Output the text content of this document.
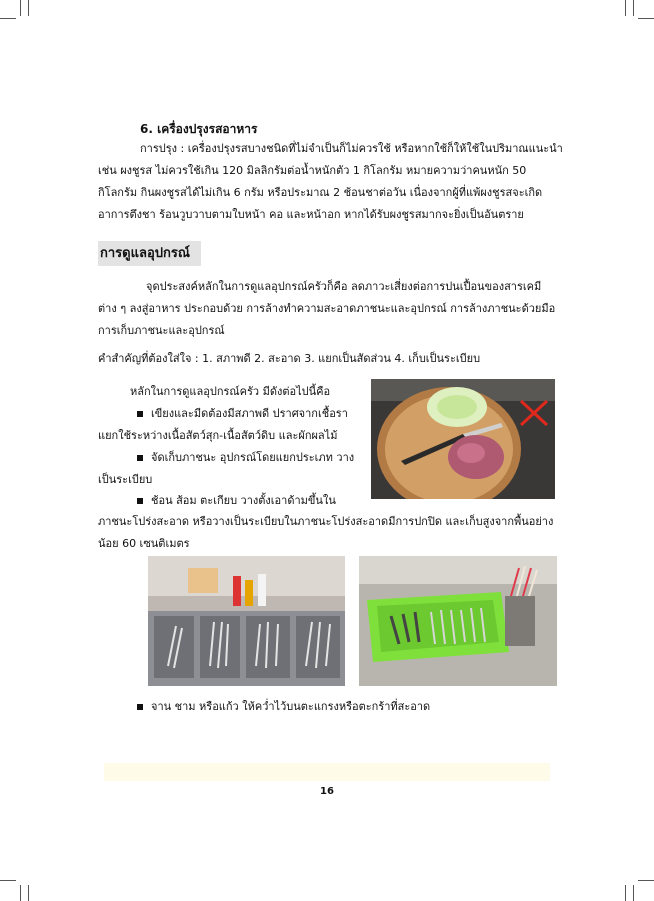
6. เครื่องปรุงรสอาหาร

การปรุง : เครื่องปรุงรสบางชนิดที่ไม่จำเป็นก็ไม่ควรใช้ หรือหากใช้ก็ให้ใช้ในปริมาณแนะนำ

เช่น ผงชูรส ไม่ควรใช้เกิน 120 มิลลิกรัมต่อน้ำหนักตัว 1 กิโลกรัม หมายความว่าคนหนัก 50

กิโลกรัม กินผงชูรสได้ไม่เกิน 6 กรัม หรือประมาณ 2 ช้อนชาต่อวัน เนื่องจากผู้ที่แพ้ผงชูรสจะเกิด

อาการตึงชา ร้อนวูบวาบตามใบหน้า คอ และหน้าอก หากได้รับผงชูรสมากจะยิ่งเป็นอันตราย

การดูแลอุปกรณ์

จุดประสงค์หลักในการดูแลอุปกรณ์ครัวก็คือ ลดภาวะเสี่ยงต่อการปนเปื้อนของสารเคมี

ต่าง ๆ ลงสู่อาหาร ประกอบด้วย การล้างทำความสะอาดภาชนะและอุปกรณ์ การล้างภาชนะด้วยมือ

การเก็บภาชนะและอุปกรณ์

คำสำคัญที่ต้องใส่ใจ : 1. สภาพดี 2. สะอาด 3. แยกเป็นสัดส่วน 4. เก็บเป็นระเบียบ

หลักในการดูแลอุปกรณ์ครัว มีดังต่อไปนี้คือ

เขียงและมีดต้องมีสภาพดี ปราศจากเชื้อรา

แยกใช้ระหว่างเนื้อสัตว์สุก-เนื้อสัตว์ดิบ และผักผลไม้

จัดเก็บภาชนะ อุปกรณ์โดยแยกประเภท วาง

เป็นระเบียบ

ช้อน ส้อม ตะเกียบ วางตั้งเอาด้ามขึ้นใน

ภาชนะโปร่งสะอาด หรือวางเป็นระเบียบในภาชนะโปร่งสะอาดมีการปกปิด และเก็บสูงจากพื้นอย่าง

น้อย 60 เซนติเมตร

จาน ชาม หรือแก้ว ให้คว่ำไว้บนตะแกรงหรือตะกร้าที่สะอาด
16
